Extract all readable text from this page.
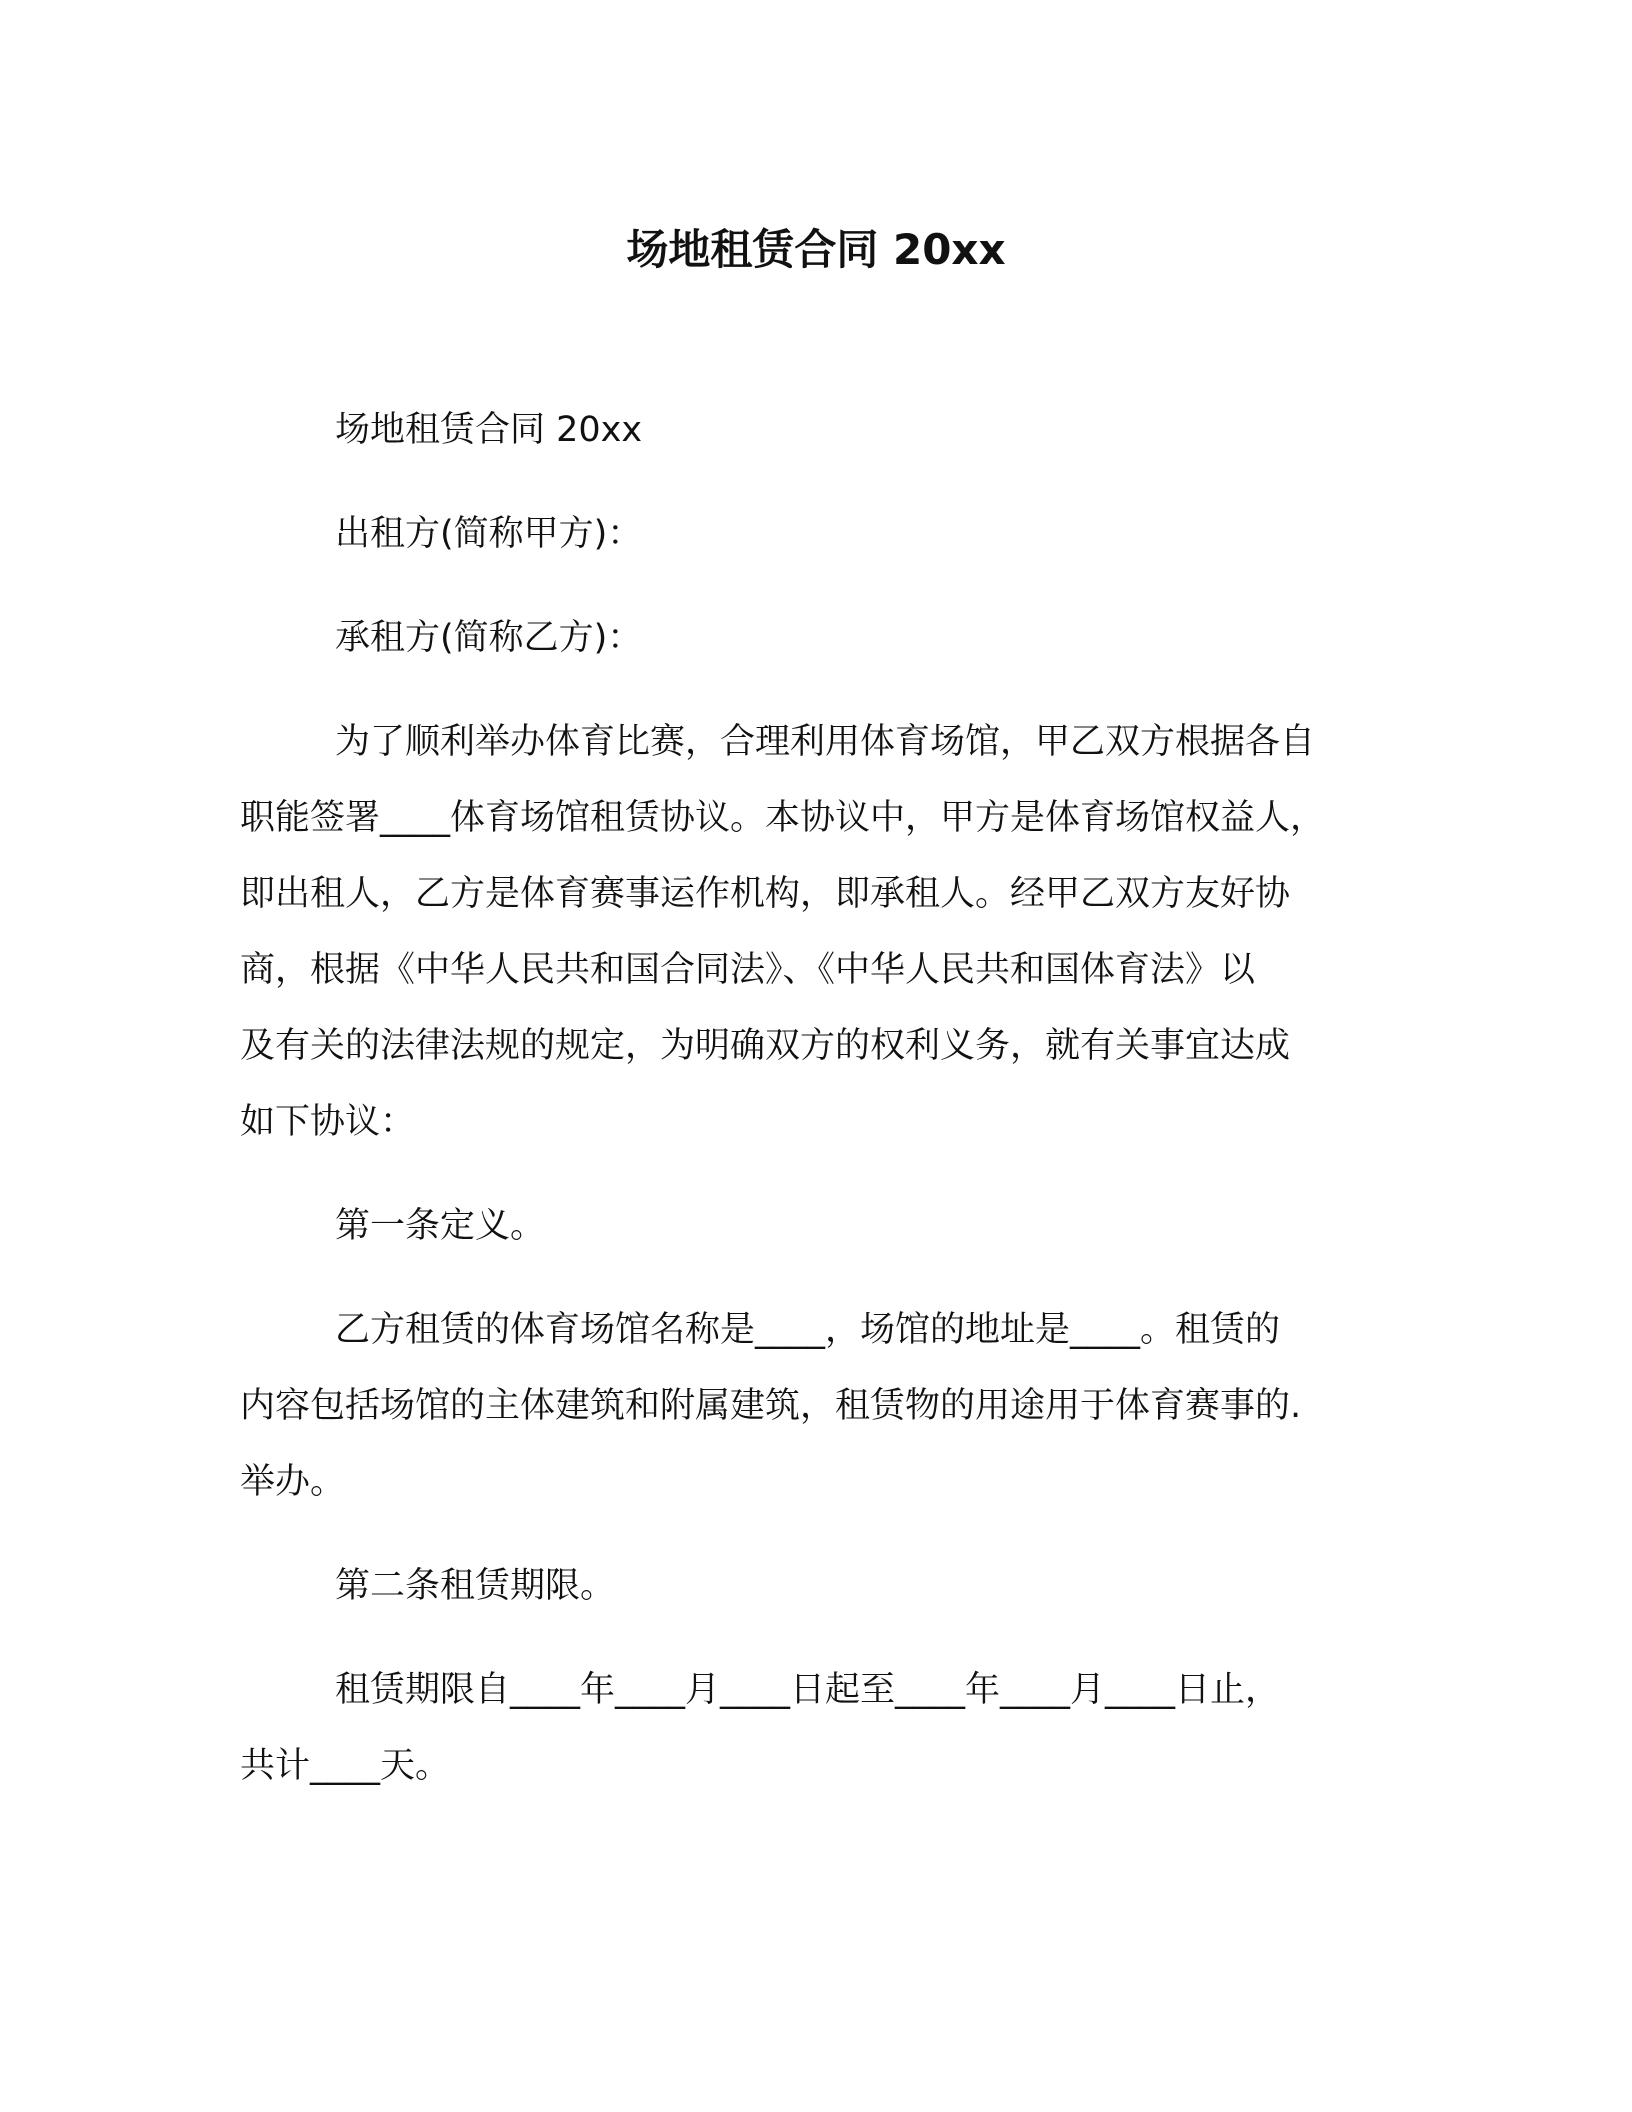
场地租赁合同 20xx

场地租赁合同 20xx

出租方(简称甲方)：

承租方(简称乙方)：

为了顺利举办体育比赛，合理利用体育场馆，甲乙双方根据各自
职能签署____体育场馆租赁协议。本协议中，甲方是体育场馆权益人，
即出租人，乙方是体育赛事运作机构，即承租人。经甲乙双方友好协
商，根据《中华人民共和国合同法》、《中华人民共和国体育法》以
及有关的法律法规的规定，为明确双方的权利义务，就有关事宜达成
如下协议：

第一条定义。

乙方租赁的体育场馆名称是____，场馆的地址是____。租赁的
内容包括场馆的主体建筑和附属建筑，租赁物的用途用于体育赛事的.
举办。

第二条租赁期限。

租赁期限自____年____月____日起至____年____月____日止，
共计____天。
